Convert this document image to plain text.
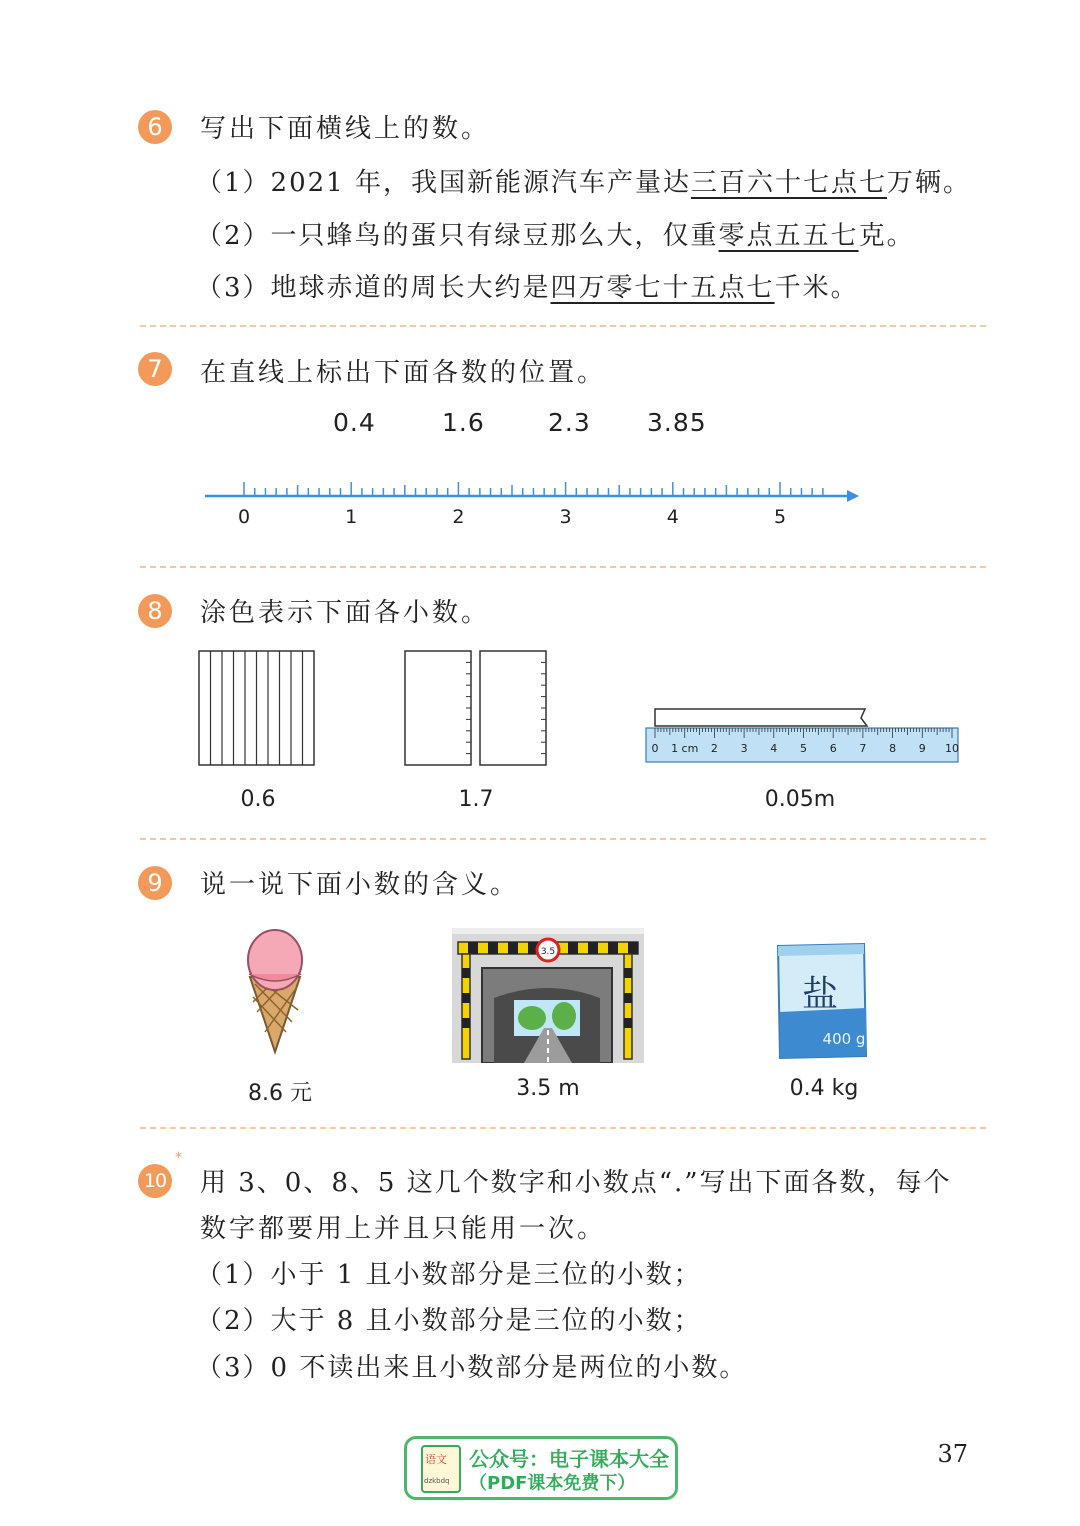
6	写出下面横线上的数。
（1）2021 年，我国新能源汽车产量达三百六十七点七万辆。
（2）一只蜂鸟的蛋只有绿豆那么大，仅重零点五五七克。
（3）地球赤道的周长大约是四万零七十五点七千米。
7	在直线上标出下面各数的位置。
0.4	1.6	2.3 3.85
0	1	2	3	4	5
8	涂色表示下面各小数。
0 1 cm 2 3 4 5 6 7 8 9 10
0.6	1.7	0.05m
9	说一说下面小数的含义。
3.5
盐
400 g
8.6 元	3.5 m	0.4 kg
10
*
用 3、0、8、5 这几个数字和小数点“.”写出下面各数，每个
数字都要用上并且只能用一次。
（1）小于 1 且小数部分是三位的小数；
（2）大于 8 且小数部分是三位的小数；
（3）0 不读出来且小数部分是两位的小数。
语文
dzkbdq
公众号：电子课本大全
（PDF课本免费下）
37
